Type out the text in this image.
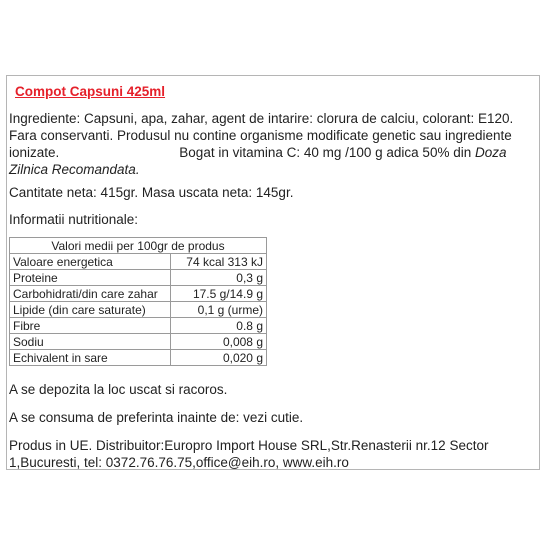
Compot Capsuni 425ml

Ingrediente: Capsuni, apa, zahar, agent de intarire: clorura de calciu, colorant: E120. Fara conservanti. Produsul nu contine organisme modificate genetic sau ingrediente ionizate.	Bogat in vitamina C: 40 mg /100 g adica 50% din Doza Zilnica Recomandata.

Cantitate neta: 415gr. Masa uscata neta: 145gr.

Informatii nutritionale:

Valori medii per 100gr de produs	
Valoare energetica	74 kcal 313 kJ
Proteine	0,3 g
Carbohidrati/din care zahar	17.5 g/14.9 g
Lipide (din care saturate)	0,1 g (urme)
Fibre	0.8 g
Sodiu	0,008 g
Echivalent in sare	0,020 g

A se depozita la loc uscat si racoros.

A se consuma de preferinta inainte de: vezi cutie.

Produs in UE. Distribuitor:Europro Import House SRL,Str.Renasterii nr.12 Sector 1,Bucuresti, tel: 0372.76.76.75,office@eih.ro, www.eih.ro
